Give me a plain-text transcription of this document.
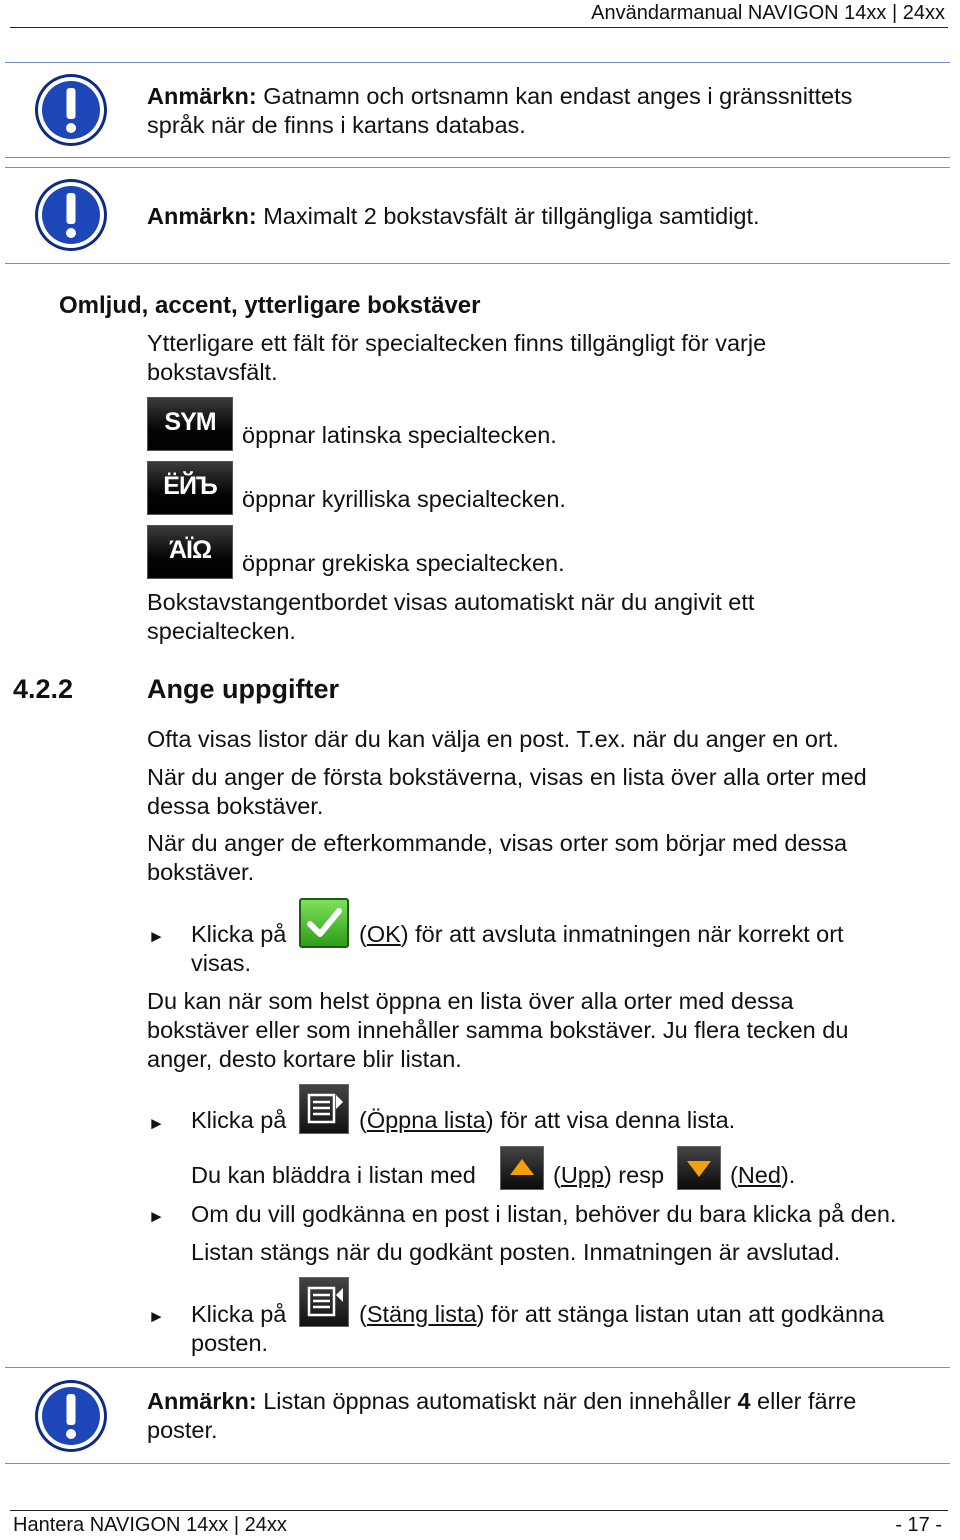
Användarmanual NAVIGON 14xx | 24xx
Anmärkn: Gatnamn och ortsnamn kan endast anges i gränssnittets
språk när de finns i kartans databas.
Anmärkn: Maximalt 2 bokstavsfält är tillgängliga samtidigt.
Omljud, accent, ytterligare bokstäver
Ytterligare ett fält för specialtecken finns tillgängligt för varje
bokstavsfält.
SYM	öppnar latinska specialtecken.
ЁЙЪ	öppnar kyrilliska specialtecken.
ΆΪΩ	öppnar grekiska specialtecken.
Bokstavstangentbordet visas automatiskt när du angivit ett
specialtecken.
4.2.2	Ange uppgifter
Ofta visas listor där du kan välja en post. T.ex. när du anger en ort.
När du anger de första bokstäverna, visas en lista över alla orter med
dessa bokstäver.
När du anger de efterkommande, visas orter som börjar med dessa
bokstäver.
► Klicka på	(OK) för att avsluta inmatningen när korrekt ort
visas.
Du kan när som helst öppna en lista över alla orter med dessa
bokstäver eller som innehåller samma bokstäver. Ju flera tecken du
anger, desto kortare blir listan.
► Klicka på	(Öppna lista) för att visa denna lista.
Du kan bläddra i listan med	(Upp) resp	(Ned).
► Om du vill godkänna en post i listan, behöver du bara klicka på den.
Listan stängs när du godkänt posten. Inmatningen är avslutad.
► Klicka på	(Stäng lista) för att stänga listan utan att godkänna
posten.
Anmärkn: Listan öppnas automatiskt när den innehåller 4 eller färre
poster.
Hantera NAVIGON 14xx | 24xx	- 17 -
